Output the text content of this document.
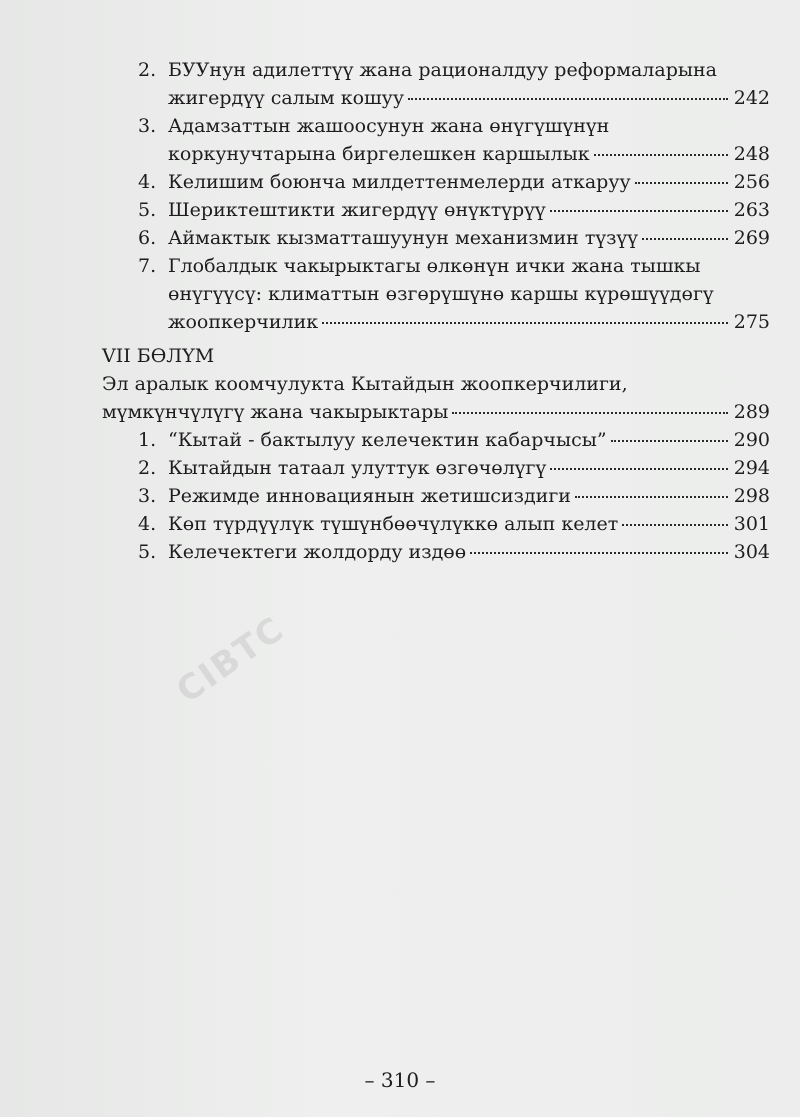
CIBTC
2. БУУнун адилеттүү жана рационалдуу реформаларына
жигердүү салым кошуу	242
3. Адамзаттын жашоосунун жана өнүгүшүнүн
коркунучтарына биргелешкен каршылык	248
4. Келишим боюнча милдеттенмелерди аткаруу	256
5. Шериктештикти жигердүү өнүктүрүү	263
6. Аймактык кызматташуунун механизмин түзүү	269
7. Глобалдык чакырыктагы өлкөнүн ички жана тышкы
өнүгүүсү: климаттын өзгөрүшүнө каршы күрөшүүдөгү
жоопкерчилик	275
VII БӨЛҮМ
Эл аралык коомчулукта Кытайдын жоопкерчилиги,
мүмкүнчүлүгү жана чакырыктары	289
1. “Кытай - бактылуу келечектин кабарчысы”	290
2. Кытайдын татаал улуттук өзгөчөлүгү	294
3. Режимде инновациянын жетишсиздиги	298
4. Көп түрдүүлүк түшүнбөөчүлүккө алып келет	301
5. Келечектеги жолдорду издөө	304
– 310 –
